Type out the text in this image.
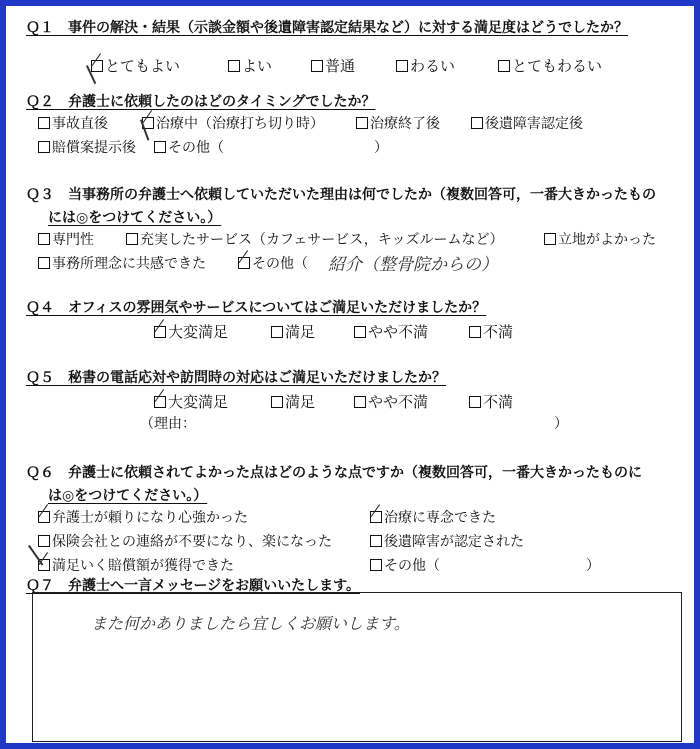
Ｑ１　事件の解決・結果（示談金額や後遺障害認定結果など）に対する満足度はどうでしたか？
とてもよい	よい	普通	わるい	とてもわるい
Ｑ２　弁護士に依頼したのはどのタイミングでしたか？
事故直後	治療中（治療打ち切り時）	治療終了後	後遺障害認定後
賠償案提示後	その他（	）
Ｑ３　当事務所の弁護士へ依頼していただいた理由は何でしたか（複数回答可，一番大きかったもの
には◎をつけてください。）
専門性	充実したサービス（カフェサービス，キッズルームなど）	立地がよかった
事務所理念に共感できた	その他（ 紹介（整骨院からの）
Ｑ４　オフィスの雰囲気やサービスについてはご満足いただけましたか？
大変満足	満足	やや不満	不満
Ｑ５　秘書の電話応対や訪問時の対応はご満足いただけましたか？
大変満足	満足	やや不満	不満
（理由：	）
Ｑ６　弁護士に依頼されてよかった点はどのような点ですか（複数回答可，一番大きかったものに
は◎をつけてください。）
弁護士が頼りになり心強かった	治療に専念できた
保険会社との連絡が不要になり、楽になった	後遺障害が認定された
満足いく賠償額が獲得できた	その他（	）
Ｑ７　弁護士へ一言メッセージをお願いいたします。
また何かありましたら宜しくお願いします。
